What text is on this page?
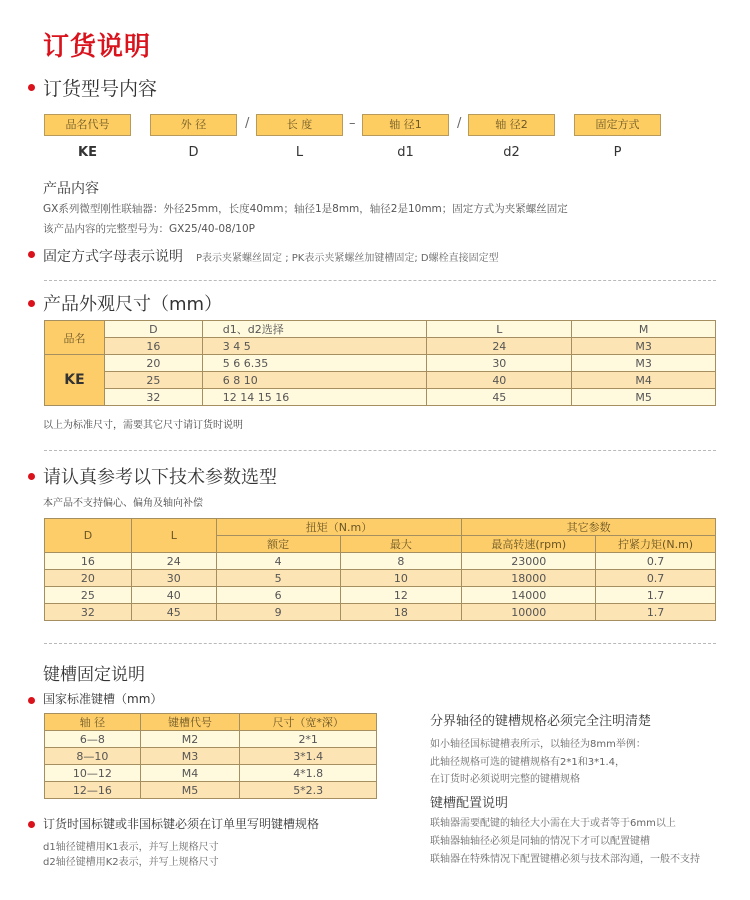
订货说明
订货型号内容
品名代号	外 径	/	长 度	–	轴 径1	/	轴 径2	固定方式
KE	D	L	d1	d2	P
产品内容
GX系列微型刚性联轴器：外径25mm，长度40mm；轴径1是8mm，轴径2是10mm；固定方式为夹紧螺丝固定
该产品内容的完整型号为：GX25/40-08/10P
固定方式字母表示说明 P表示夹紧螺丝固定 ; PK表示夹紧螺丝加键槽固定; D螺栓直接固定型
产品外观尺寸（mm）
品名	D	d1、d2选择	L	M
	16	3 4 5	24	M3
KE	20	5 6 6.35	30	M3
	25	6 8 10	40	M4
	32	12 14 15 16	45	M5
以上为标准尺寸，需要其它尺寸请订货时说明
请认真参考以下技术参数选型
本产品不支持偏心、偏角及轴向补偿
D	L	扭矩（N.m）		其它参数	
		额定	最大	最高转速(rpm)	拧紧力矩(N.m)
16	24	4	8	23000	0.7
20	30	5	10	18000	0.7
25	40	6	12	14000	1.7
32	45	9	18	10000	1.7
键槽固定说明
国家标准键槽（mm）
轴 径	键槽代号	尺寸（宽*深）
6—8	M2	2*1
8—10	M3	3*1.4
10—12	M4	4*1.8
12—16	M5	5*2.3
订货时国标键或非国标键必须在订单里写明键槽规格
d1轴径键槽用K1表示，并写上规格尺寸
d2轴径键槽用K2表示，并写上规格尺寸
分界轴径的键槽规格必须完全注明清楚
如小轴径国标键槽表所示，以轴径为8mm举例：
此轴径规格可选的键槽规格有2*1和3*1.4，
在订货时必须说明完整的键槽规格
键槽配置说明
联轴器需要配键的轴径大小需在大于或者等于6mm以上
联轴器轴轴径必须是同轴的情况下才可以配置键槽
联轴器在特殊情况下配置键槽必须与技术部沟通，一般不支持
